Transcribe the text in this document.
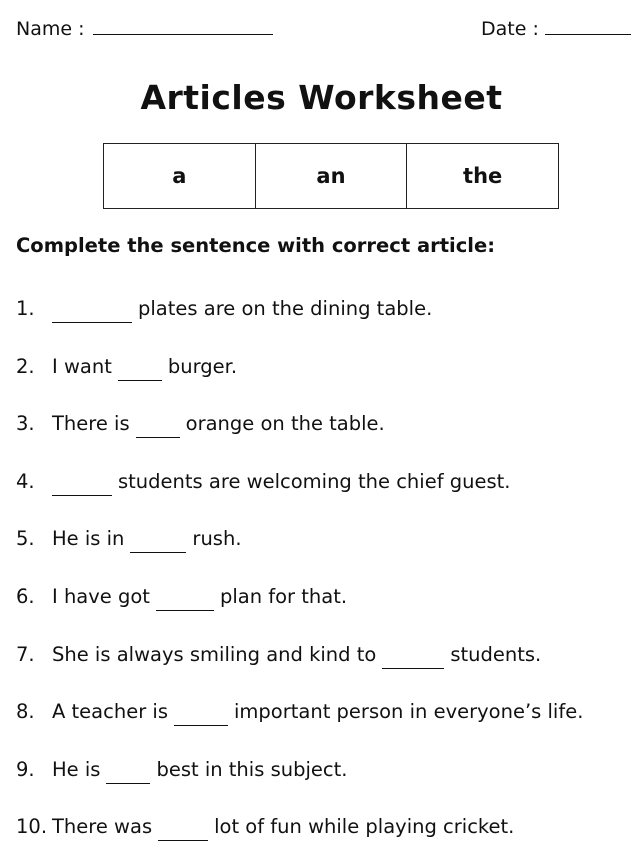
Name :	Date :
Articles Worksheet
a	an	the
Complete the sentence with correct article:
1.	plates are on the dining table.
2. I want	burger.
3. There is	orange on the table.
4.	students are welcoming the chief guest.
5. He is in	rush.
6. I have got	plan for that.
7. She is always smiling and kind to	students.
8. A teacher is	important person in everyone’s life.
9. He is	best in this subject.
10. There was	lot of fun while playing cricket.
